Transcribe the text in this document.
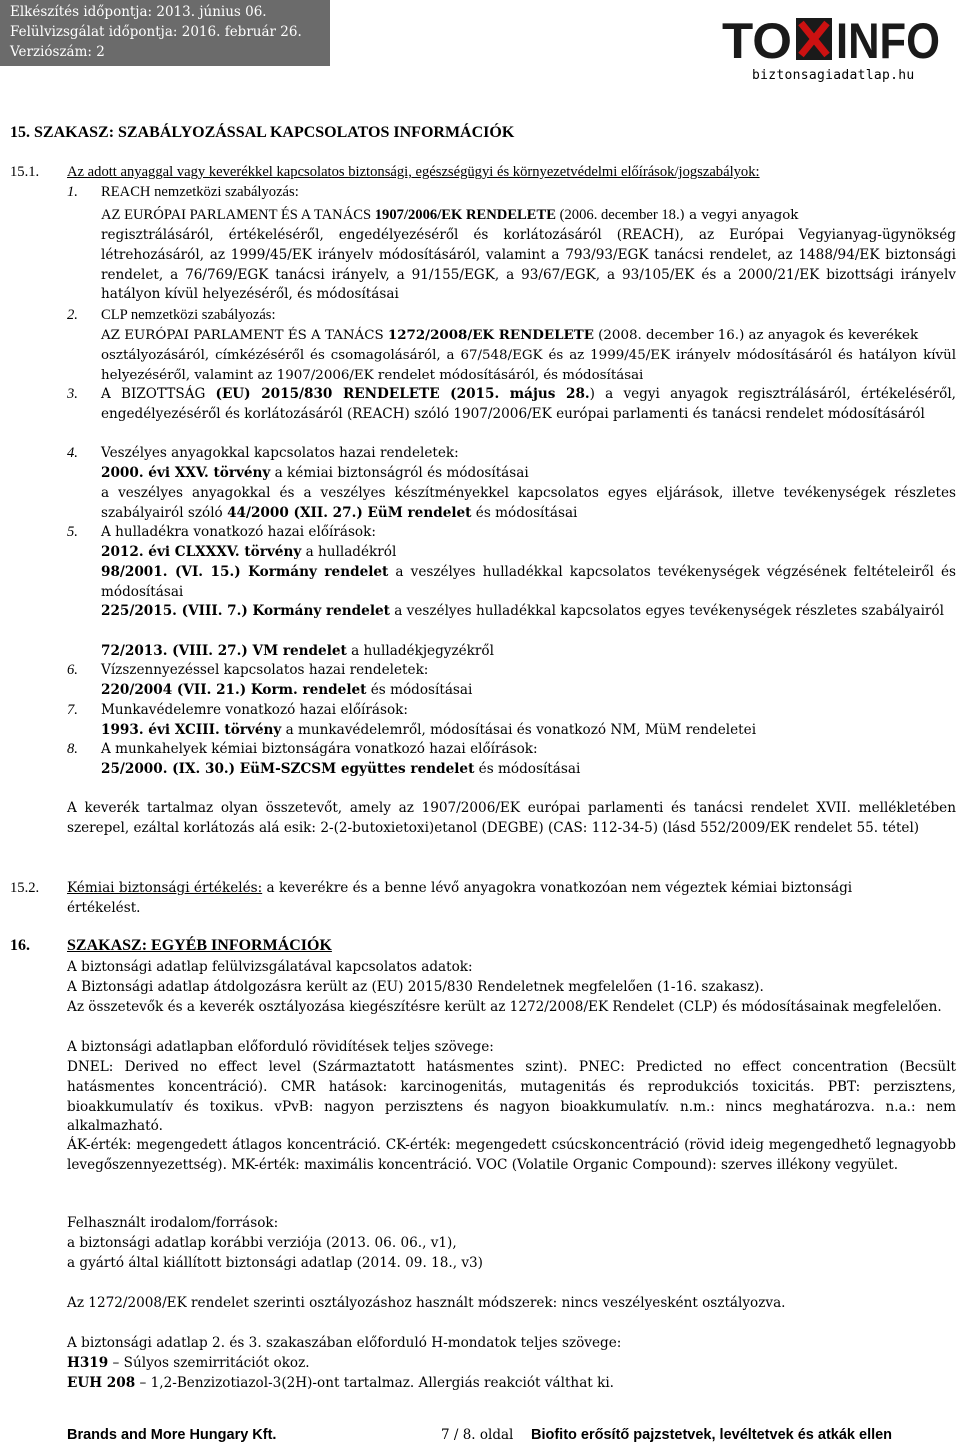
Elkészítés időpontja: 2013. június 06.
Felülvizsgálat időpontja: 2016. február 26.
Verziószám: 2	TO INFO
biztonsagiadatlap.hu
15. SZAKASZ: SZABÁLYOZÁSSAL KAPCSOLATOS INFORMÁCIÓK
15.1. Az adott anyaggal vagy keverékkel kapcsolatos biztonsági, egészségügyi és környezetvédelmi előírások/jogszabályok:
1. REACH nemzetközi szabályozás:
AZ EURÓPAI PARLAMENT ÉS A TANÁCS 1907/2006/EK RENDELETE (2006. december 18.) a vegyi anyagok
regisztrálásáról, értékeléséről, engedélyezéséről és korlátozásáról (REACH), az Európai Vegyianyag-ügynökség létrehozásáról, az 1999/45/EK irányelv módosításáról, valamint a 793/93/EGK tanácsi rendelet, az 1488/94/EK biztonsági rendelet, a 76/769/EGK tanácsi irányelv, a 91/155/EGK, a 93/67/EGK, a 93/105/EK és a 2000/21/EK bizottsági irányelv hatályon kívül helyezéséről, és módosításai
2. CLP nemzetközi szabályozás:
AZ EURÓPAI PARLAMENT ÉS A TANÁCS 1272/2008/EK RENDELETE (2008. december 16.) az anyagok és keverékek
osztályozásáról, címkézéséről és csomagolásáról, a 67/548/EGK és az 1999/45/EK irányelv módosításáról és hatályon kívül helyezéséről, valamint az 1907/2006/EK rendelet módosításáról, és módosításai
3. A BIZOTTSÁG (EU) 2015/830 RENDELETE (2015. május 28.) a vegyi anyagok regisztrálásáról, értékeléséről, engedélyezéséről és korlátozásáról (REACH) szóló 1907/2006/EK európai parlamenti és tanácsi rendelet módosításáról
4. Veszélyes anyagokkal kapcsolatos hazai rendeletek:
2000. évi XXV. törvény a kémiai biztonságról és módosításai
a veszélyes anyagokkal és a veszélyes készítményekkel kapcsolatos egyes eljárások, illetve tevékenységek részletes szabályairól szóló 44/2000 (XII. 27.) EüM rendelet és módosításai
5. A hulladékra vonatkozó hazai előírások:
2012. évi CLXXXV. törvény a hulladékról
98/2001. (VI. 15.) Kormány rendelet a veszélyes hulladékkal kapcsolatos tevékenységek végzésének feltételeiről és módosításai
225/2015. (VIII. 7.) Kormány rendelet a veszélyes hulladékkal kapcsolatos egyes tevékenységek részletes szabályairól
72/2013. (VIII. 27.) VM rendelet a hulladékjegyzékről
6. Vízszennyezéssel kapcsolatos hazai rendeletek:
220/2004 (VII. 21.) Korm. rendelet és módosításai
7. Munkavédelemre vonatkozó hazai előírások:
1993. évi XCIII. törvény a munkavédelemről, módosításai és vonatkozó NM, MüM rendeletei
8. A munkahelyek kémiai biztonságára vonatkozó hazai előírások:
25/2000. (IX. 30.) EüM-SZCSM együttes rendelet és módosításai
A keverék tartalmaz olyan összetevőt, amely az 1907/2006/EK európai parlamenti és tanácsi rendelet XVII. mellékletében szerepel, ezáltal korlátozás alá esik: 2-(2-butoxietoxi)etanol (DEGBE) (CAS: 112-34-5) (lásd 552/2009/EK rendelet 55. tétel)
15.2. Kémiai biztonsági értékelés: a keverékre és a benne lévő anyagokra vonatkozóan nem végeztek kémiai biztonsági értékelést.
16. SZAKASZ: EGYÉB INFORMÁCIÓK
A biztonsági adatlap felülvizsgálatával kapcsolatos adatok:
A Biztonsági adatlap átdolgozásra került az (EU) 2015/830 Rendeletnek megfelelően (1-16. szakasz).
Az összetevők és a keverék osztályozása kiegészítésre került az 1272/2008/EK Rendelet (CLP) és módosításainak megfelelően.
A biztonsági adatlapban előforduló rövidítések teljes szövege:
DNEL: Derived no effect level (Származtatott hatásmentes szint). PNEC: Predicted no effect concentration (Becsült hatásmentes koncentráció). CMR hatások: karcinogenitás, mutagenitás és reprodukciós toxicitás. PBT: perzisztens, bioakkumulatív és toxikus. vPvB: nagyon perzisztens és nagyon bioakkumulatív. n.m.: nincs meghatározva. n.a.: nem alkalmazható.
ÁK-érték: megengedett átlagos koncentráció. CK-érték: megengedett csúcskoncentráció (rövid ideig megengedhető legnagyobb levegőszennyezettség). MK-érték: maximális koncentráció. VOC (Volatile Organic Compound): szerves illékony vegyület.
Felhasznált irodalom/források:
a biztonsági adatlap korábbi verziója (2013. 06. 06., v1),
a gyártó által kiállított biztonsági adatlap (2014. 09. 18., v3)
Az 1272/2008/EK rendelet szerinti osztályozáshoz használt módszerek: nincs veszélyesként osztályozva.
A biztonsági adatlap 2. és 3. szakaszában előforduló H-mondatok teljes szövege:
H319 – Súlyos szemirritációt okoz.
EUH 208 – 1,2-Benzizotiazol-3(2H)-ont tartalmaz. Allergiás reakciót válthat ki.
Brands and More Hungary Kft.	7 / 8. oldal Biofito erősítő pajzstetvek, levéltetvek és atkák ellen
